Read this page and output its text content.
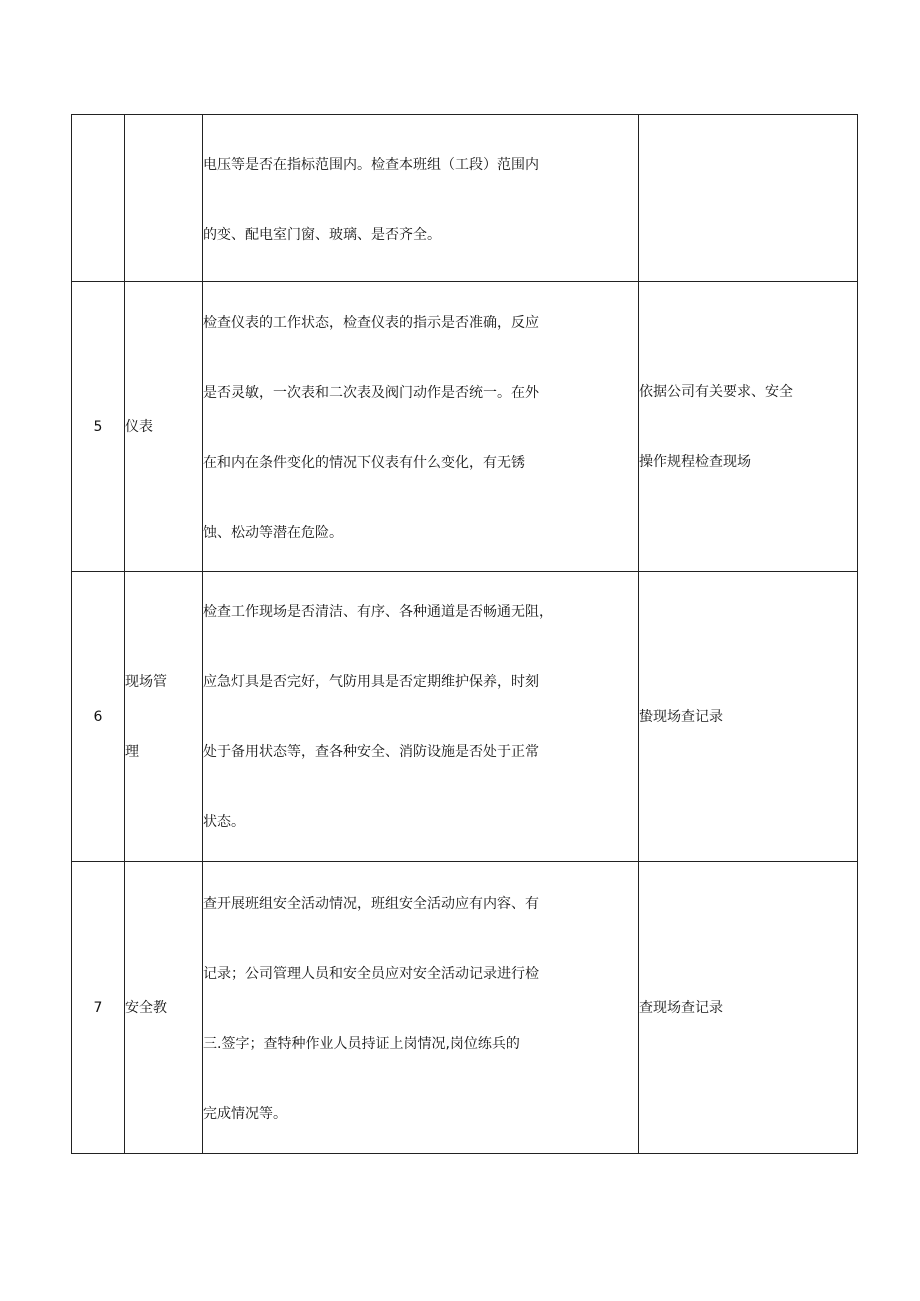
		电压等是否在指标范围内。检查本班组（工段）范围内
的变、配电室门窗、玻璃、是否齐全。	

5	仪表	检查仪表的工作状态，检查仪表的指示是否准确，反应
是否灵敏，一次表和二次表及阀门动作是否统一。在外
在和内在条件变化的情况下仪表有什么变化，有无锈
蚀、松动等潜在危险。	依据公司有关要求、安全
操作规程检查现场

6	现场管
理	检查工作现场是否清洁、有序、各种通道是否畅通无阻，
应急灯具是否完好，气防用具是否定期维护保养，时刻
处于备用状态等，查各种安全、消防设施是否处于正常
状态。	蛰现场查记录

7	安全教	查开展班组安全活动情况，班组安全活动应有内容、有
记录；公司管理人员和安全员应对安全活动记录进行检
三.签字；查特种作业人员持证上岗情况,岗位练兵的
完成情况等。	查现场查记录
